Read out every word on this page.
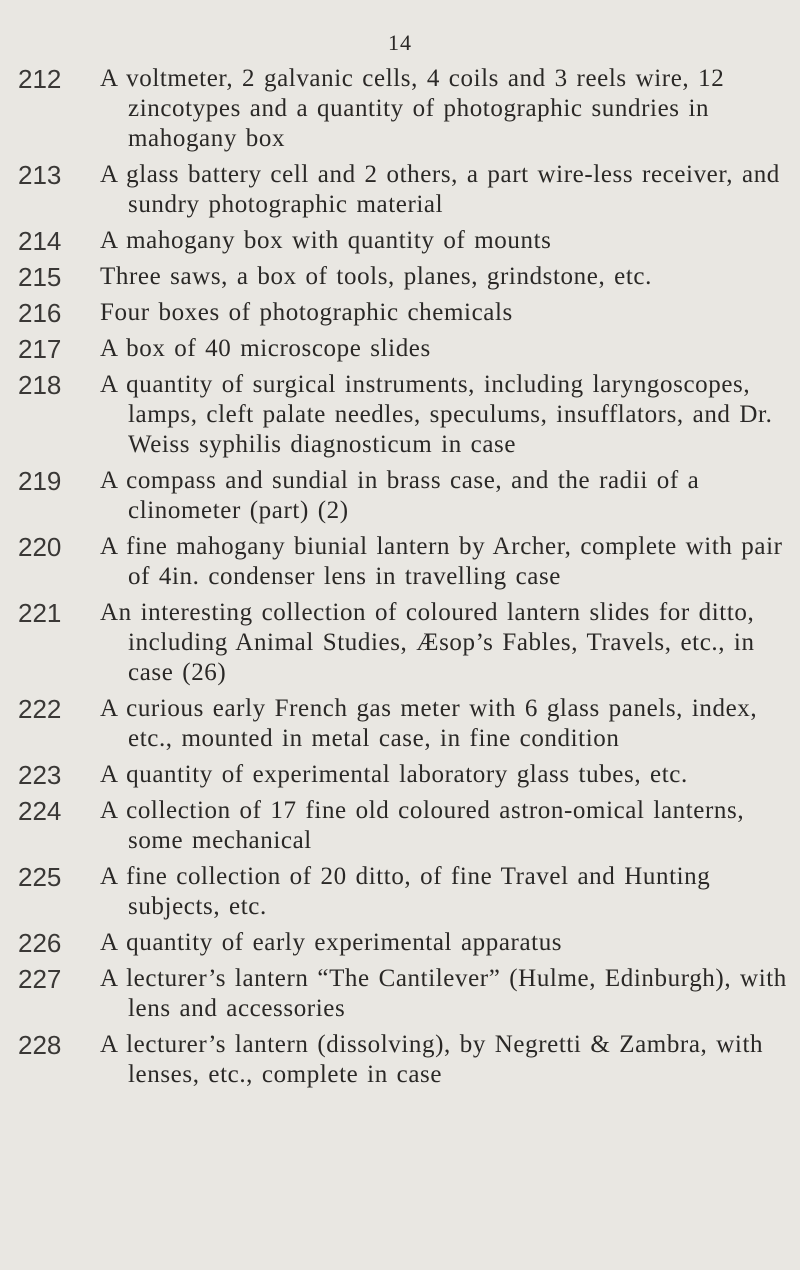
14
212	A voltmeter, 2 galvanic cells, 4 coils and 3 reels wire, 12 zincotypes and a quantity of photographic sundries in mahogany box
213	A glass battery cell and 2 others, a part wire-less receiver, and sundry photographic material
214	A mahogany box with quantity of mounts
215	Three saws, a box of tools, planes, grindstone, etc.
216	Four boxes of photographic chemicals
217	A box of 40 microscope slides
218	A quantity of surgical instruments, including laryngoscopes, lamps, cleft palate needles, speculums, insufflators, and Dr. Weiss syphilis diagnosticum in case
219	A compass and sundial in brass case, and the radii of a clinometer (part) (2)
220	A fine mahogany biunial lantern by Archer, complete with pair of 4in. condenser lens in travelling case
221	An interesting collection of coloured lantern slides for ditto, including Animal Studies, Æsop’s Fables, Travels, etc., in case (26)
222	A curious early French gas meter with 6 glass panels, index, etc., mounted in metal case, in fine condition
223	A quantity of experimental laboratory glass tubes, etc.
224	A collection of 17 fine old coloured astron-omical lanterns, some mechanical
225	A fine collection of 20 ditto, of fine Travel and Hunting subjects, etc.
226	A quantity of early experimental apparatus
227	A lecturer’s lantern “The Cantilever” (Hulme, Edinburgh), with lens and accessories
228	A lecturer’s lantern (dissolving), by Negretti & Zambra, with lenses, etc., complete in case
